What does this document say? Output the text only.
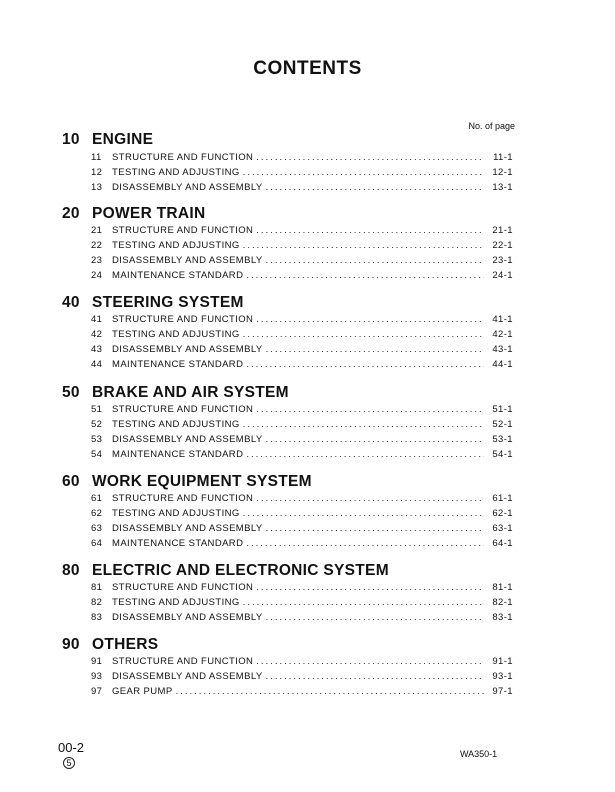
CONTENTS
No. of page
10 ENGINE
11	STRUCTURE AND FUNCTION .....	11-1
12	TESTING AND ADJUSTING .....	12-1
13	DISASSEMBLY AND ASSEMBLY .....	13-1
20 POWER TRAIN
21	STRUCTURE AND FUNCTION .....	21-1
22	TESTING AND ADJUSTING .....	22-1
23	DISASSEMBLY AND ASSEMBLY .....	23-1
24	MAINTENANCE STANDARD .....	24-1
40 STEERING SYSTEM
41	STRUCTURE AND FUNCTION .....	41-1
42	TESTING AND ADJUSTING .....	42-1
43	DISASSEMBLY AND ASSEMBLY .....	43-1
44	MAINTENANCE STANDARD .....	44-1
50 BRAKE AND AIR SYSTEM
51	STRUCTURE AND FUNCTION .....	51-1
52	TESTING AND ADJUSTING .....	52-1
53	DISASSEMBLY AND ASSEMBLY .....	53-1
54	MAINTENANCE STANDARD .....	54-1
60 WORK EQUIPMENT SYSTEM
61	STRUCTURE AND FUNCTION .....	61-1
62	TESTING AND ADJUSTING .....	62-1
63	DISASSEMBLY AND ASSEMBLY .....	63-1
64	MAINTENANCE STANDARD .....	64-1
80 ELECTRIC AND ELECTRONIC SYSTEM
81	STRUCTURE AND FUNCTION .....	81-1
82	TESTING AND ADJUSTING .....	82-1
83	DISASSEMBLY AND ASSEMBLY .....	83-1
90 OTHERS
91	STRUCTURE AND FUNCTION .....	91-1
93	DISASSEMBLY AND ASSEMBLY .....	93-1
97	GEAR PUMP .....	97-1
00-2
5
WA350-1
